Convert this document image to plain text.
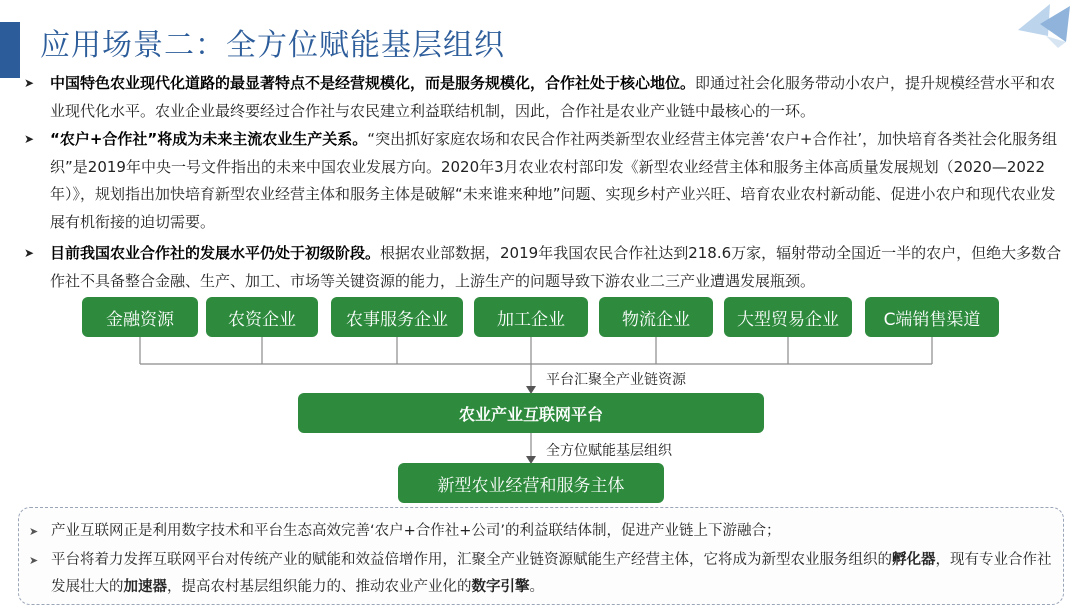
应用场景二：全方位赋能基层组织
➤ 中国特色农业现代化道路的最显著特点不是经营规模化，而是服务规模化，合作社处于核心地位。即通过社会化服务带动小农户，提升规模经营水平和农业现代化水平。农业企业最终要经过合作社与农民建立利益联结机制，因此，合作社是农业产业链中最核心的一环。
➤ “农户+合作社”将成为未来主流农业生产关系。“突出抓好家庭农场和农民合作社两类新型农业经营主体完善‘农户+合作社’，加快培育各类社会化服务组织”是2019年中央一号文件指出的未来中国农业发展方向。2020年3月农业农村部印发《新型农业经营主体和服务主体高质量发展规划（2020—2022年）》，规划指出加快培育新型农业经营主体和服务主体是破解“未来谁来种地”问题、实现乡村产业兴旺、培育农业农村新动能、促进小农户和现代农业发展有机衔接的迫切需要。
➤ 目前我国农业合作社的发展水平仍处于初级阶段。根据农业部数据，2019年我国农民合作社达到218.6万家，辐射带动全国近一半的农户，但绝大多数合作社不具备整合金融、生产、加工、市场等关键资源的能力，上游生产的问题导致下游农业二三产业遭遇发展瓶颈。
金融资源	农资企业	农事服务企业	加工企业	物流企业	大型贸易企业	C端销售渠道
平台汇聚全产业链资源
农业产业互联网平台
全方位赋能基层组织
新型农业经营和服务主体
➤ 产业互联网正是利用数字技术和平台生态高效完善‘农户+合作社+公司’的利益联结体制，促进产业链上下游融合；
➤ 平台将着力发挥互联网平台对传统产业的赋能和效益倍增作用，汇聚全产业链资源赋能生产经营主体，它将成为新型农业服务组织的孵化器，现有专业合作社发展壮大的加速器，提高农村基层组织能力的、推动农业产业化的数字引擎。
